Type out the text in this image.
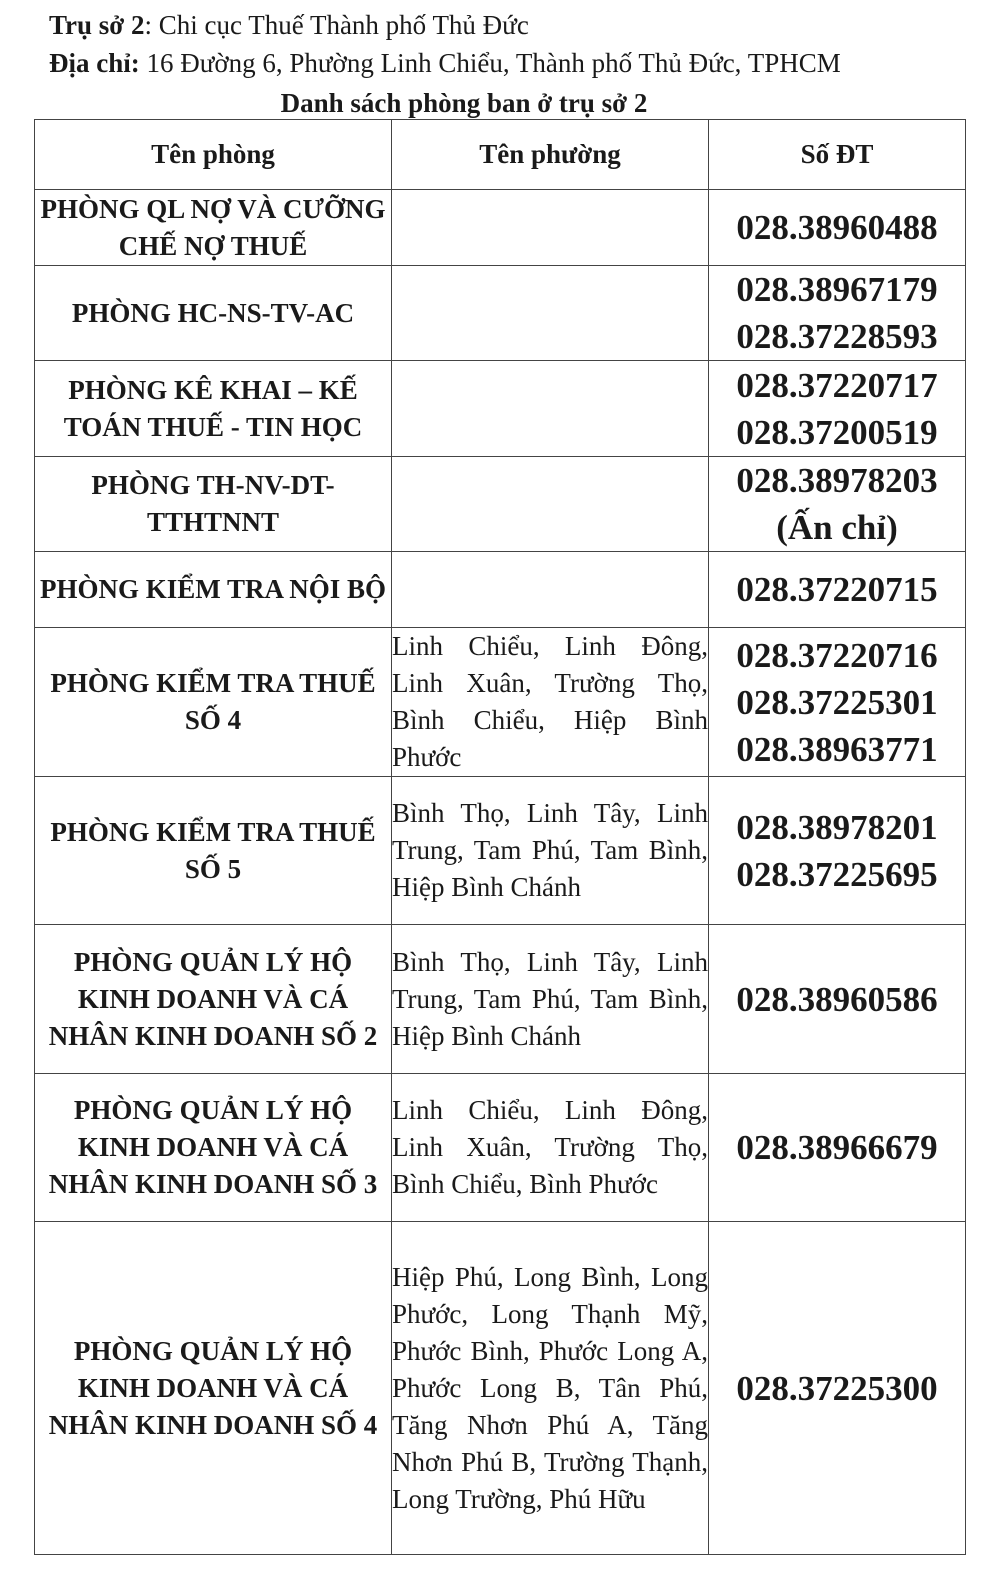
Trụ sở 2: Chi cục Thuế Thành phố Thủ Đức
Địa chỉ: 16 Đường 6, Phường Linh Chiểu, Thành phố Thủ Đức, TPHCM
Danh sách phòng ban ở trụ sở 2
Tên phòng	Tên phường	Số ĐT
PHÒNG QL NỢ VÀ CƯỠNG CHẾ NỢ THUẾ		028.38960488

PHÒNG HC-NS-TV-AC		028.38967179
028.37228593

PHÒNG KÊ KHAI – KẾ TOÁN THUẾ - TIN HỌC		028.37220717
028.37200519

PHÒNG TH-NV-DT-TTHTNNT		028.38978203
(Ấn chỉ)

PHÒNG KIỂM TRA NỘI BỘ		028.37220715

PHÒNG KIỂM TRA THUẾ SỐ 4	Linh Chiểu, Linh Đông, Linh Xuân, Trường Thọ, Bình Chiểu, Hiệp Bình Phước	028.37220716
028.37225301
028.38963771

PHÒNG KIỂM TRA THUẾ SỐ 5	Bình Thọ, Linh Tây, Linh Trung, Tam Phú, Tam Bình, Hiệp Bình Chánh	028.38978201
028.37225695

PHÒNG QUẢN LÝ HỘ KINH DOANH VÀ CÁ NHÂN KINH DOANH SỐ 2	Bình Thọ, Linh Tây, Linh Trung, Tam Phú, Tam Bình, Hiệp Bình Chánh	028.38960586

PHÒNG QUẢN LÝ HỘ KINH DOANH VÀ CÁ NHÂN KINH DOANH SỐ 3	Linh Chiểu, Linh Đông, Linh Xuân, Trường Thọ, Bình Chiểu, Bình Phước	028.38966679

PHÒNG QUẢN LÝ HỘ KINH DOANH VÀ CÁ NHÂN KINH DOANH SỐ 4	Hiệp Phú, Long Bình, Long Phước, Long Thạnh Mỹ, Phước Bình, Phước Long A, Phước Long B, Tân Phú, Tăng Nhơn Phú A, Tăng Nhơn Phú B, Trường Thạnh, Long Trường, Phú Hữu	028.37225300
